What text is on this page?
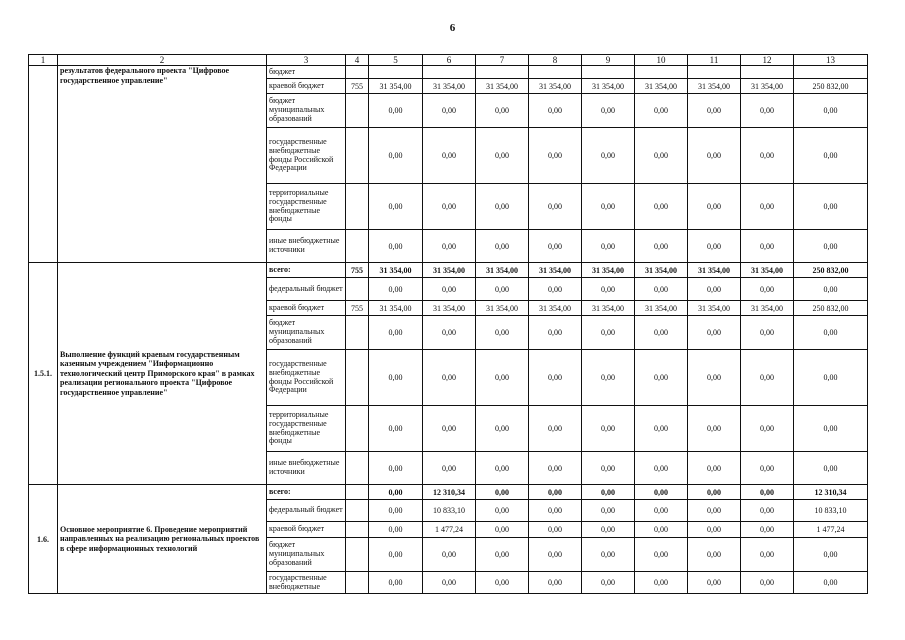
6
1	2	3	4	5	6	7	8	9	10	11	12	13
	результатов федерального проекта "Цифровое государственное управление"	бюджет										
		краевой бюджет	755	31 354,00	31 354,00	31 354,00	31 354,00	31 354,00	31 354,00	31 354,00	31 354,00	250 832,00
		бюджет муниципальных образований		0,00	0,00	0,00	0,00	0,00	0,00	0,00	0,00	0,00
		государственные внебюджетные фонды Российской Федерации		0,00	0,00	0,00	0,00	0,00	0,00	0,00	0,00	0,00
		территориальные государственные внебюджетные фонды		0,00	0,00	0,00	0,00	0,00	0,00	0,00	0,00	0,00
		иные внебюджетные источники		0,00	0,00	0,00	0,00	0,00	0,00	0,00	0,00	0,00
1.5.1.	Выполнение функций краевым государственным казенным учреждением "Информационно технологический центр Приморского края" в рамках реализации регионального проекта "Цифровое государственное управление"	всего:	755	31 354,00	31 354,00	31 354,00	31 354,00	31 354,00	31 354,00	31 354,00	31 354,00	250 832,00
		федеральный бюджет		0,00	0,00	0,00	0,00	0,00	0,00	0,00	0,00	0,00
		краевой бюджет	755	31 354,00	31 354,00	31 354,00	31 354,00	31 354,00	31 354,00	31 354,00	31 354,00	250 832,00
		бюджет муниципальных образований		0,00	0,00	0,00	0,00	0,00	0,00	0,00	0,00	0,00
		государственные внебюджетные фонды Российской Федерации		0,00	0,00	0,00	0,00	0,00	0,00	0,00	0,00	0,00
		территориальные государственные внебюджетные фонды		0,00	0,00	0,00	0,00	0,00	0,00	0,00	0,00	0,00
		иные внебюджетные источники		0,00	0,00	0,00	0,00	0,00	0,00	0,00	0,00	0,00
1.6.	Основное мероприятие 6. Проведение мероприятий направленных на реализацию региональных проектов в сфере информационных технологий	всего:		0,00	12 310,34	0,00	0,00	0,00	0,00	0,00	0,00	12 310,34
		федеральный бюджет		0,00	10 833,10	0,00	0,00	0,00	0,00	0,00	0,00	10 833,10
		краевой бюджет		0,00	1 477,24	0,00	0,00	0,00	0,00	0,00	0,00	1 477,24
		бюджет муниципальных образований		0,00	0,00	0,00	0,00	0,00	0,00	0,00	0,00	0,00
		государственные внебюджетные		0,00	0,00	0,00	0,00	0,00	0,00	0,00	0,00	0,00
